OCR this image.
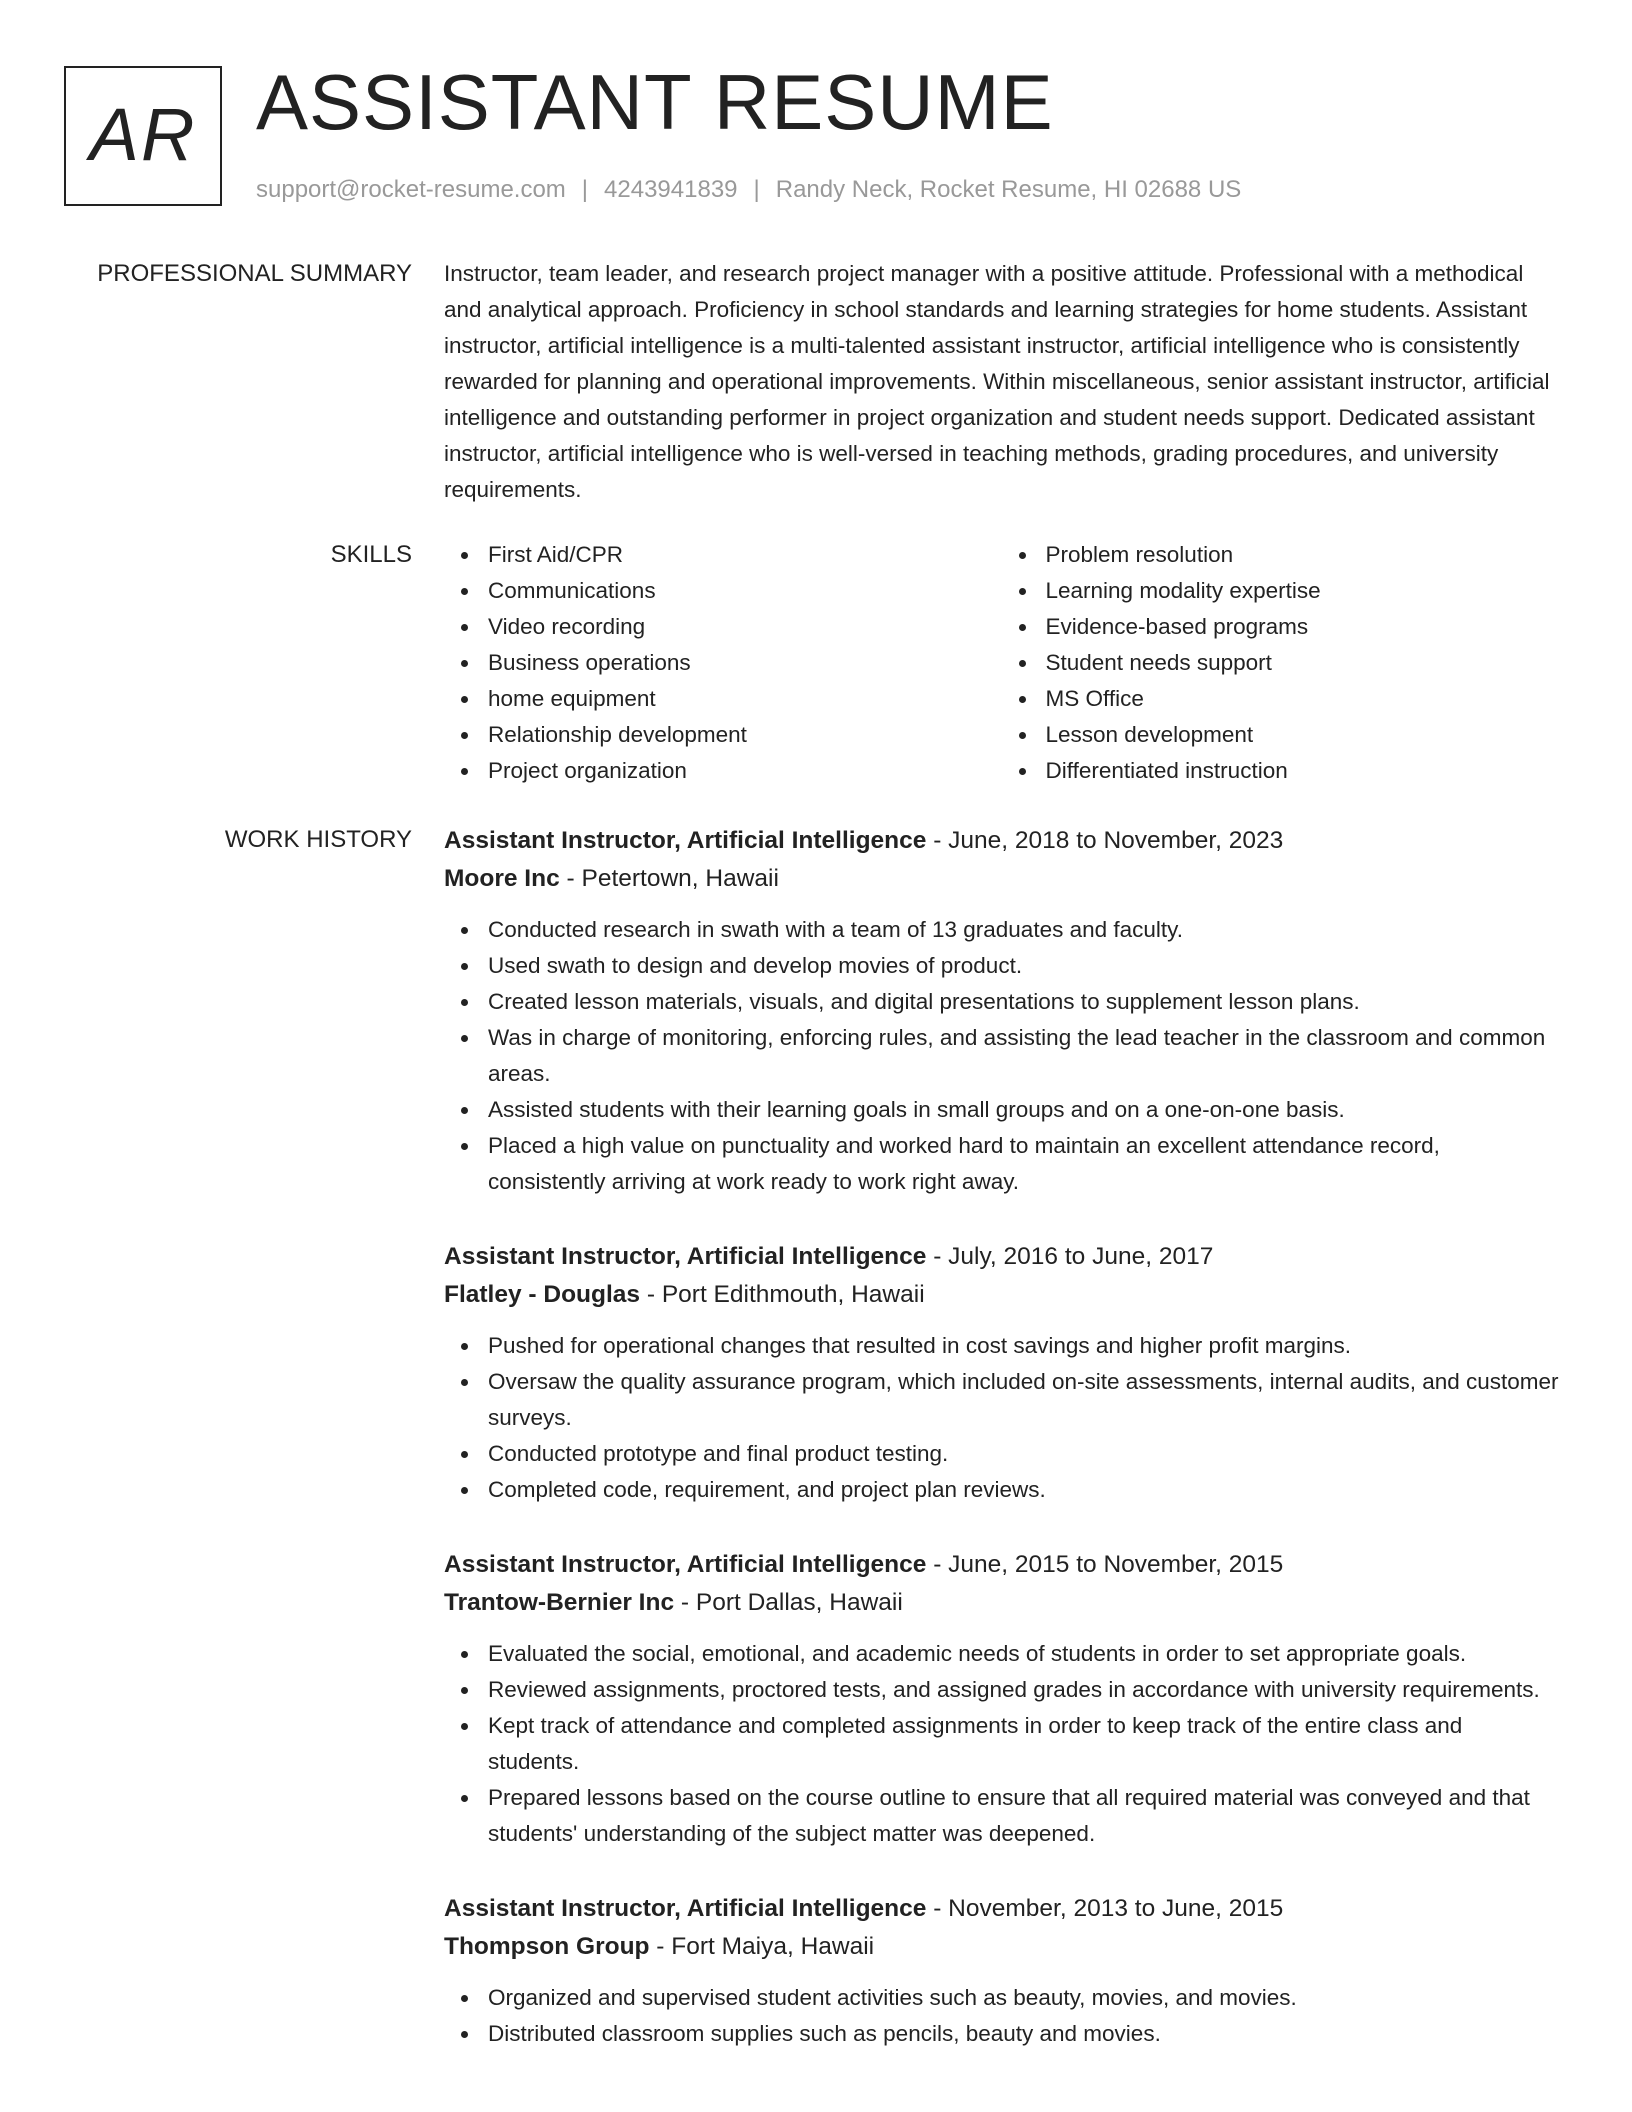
AR ASSISTANT RESUME
support@rocket-resume.com | 4243941839 | Randy Neck, Rocket Resume, HI 02688 US
PROFESSIONAL SUMMARY Instructor, team leader, and research project manager with a positive attitude. Professional with a methodical and analytical approach. Proficiency in school standards and learning strategies for home students. Assistant instructor, artificial intelligence is a multi-talented assistant instructor, artificial intelligence who is consistently rewarded for planning and operational improvements. Within miscellaneous, senior assistant instructor, artificial intelligence and outstanding performer in project organization and student needs support. Dedicated assistant instructor, artificial intelligence who is well-versed in teaching methods, grading procedures, and university requirements.

SKILLS	First Aid/CPR
Communications
Video recording
Business operations
home equipment
Relationship development
Project organization
Problem resolution
Learning modality expertise
Evidence-based programs
Student needs support
MS Office
Lesson development
Differentiated instruction
WORK HISTORY Assistant Instructor, Artificial Intelligence - June, 2018 to November, 2023
Moore Inc - Petertown, Hawaii
Conducted research in swath with a team of 13 graduates and faculty.
Used swath to design and develop movies of product.
Created lesson materials, visuals, and digital presentations to supplement lesson plans.
Was in charge of monitoring, enforcing rules, and assisting the lead teacher in the classroom and common areas.
Assisted students with their learning goals in small groups and on a one-on-one basis.
Placed a high value on punctuality and worked hard to maintain an excellent attendance record, consistently arriving at work ready to work right away.
Assistant Instructor, Artificial Intelligence - July, 2016 to June, 2017
Flatley - Douglas - Port Edithmouth, Hawaii
Pushed for operational changes that resulted in cost savings and higher profit margins.
Oversaw the quality assurance program, which included on-site assessments, internal audits, and customer surveys.
Conducted prototype and final product testing.
Completed code, requirement, and project plan reviews.
Assistant Instructor, Artificial Intelligence - June, 2015 to November, 2015
Trantow-Bernier Inc - Port Dallas, Hawaii
Evaluated the social, emotional, and academic needs of students in order to set appropriate goals.
Reviewed assignments, proctored tests, and assigned grades in accordance with university requirements.
Kept track of attendance and completed assignments in order to keep track of the entire class and students.
Prepared lessons based on the course outline to ensure that all required material was conveyed and that students' understanding of the subject matter was deepened.
Assistant Instructor, Artificial Intelligence - November, 2013 to June, 2015
Thompson Group - Fort Maiya, Hawaii
Organized and supervised student activities such as beauty, movies, and movies.
Distributed classroom supplies such as pencils, beauty and movies.
